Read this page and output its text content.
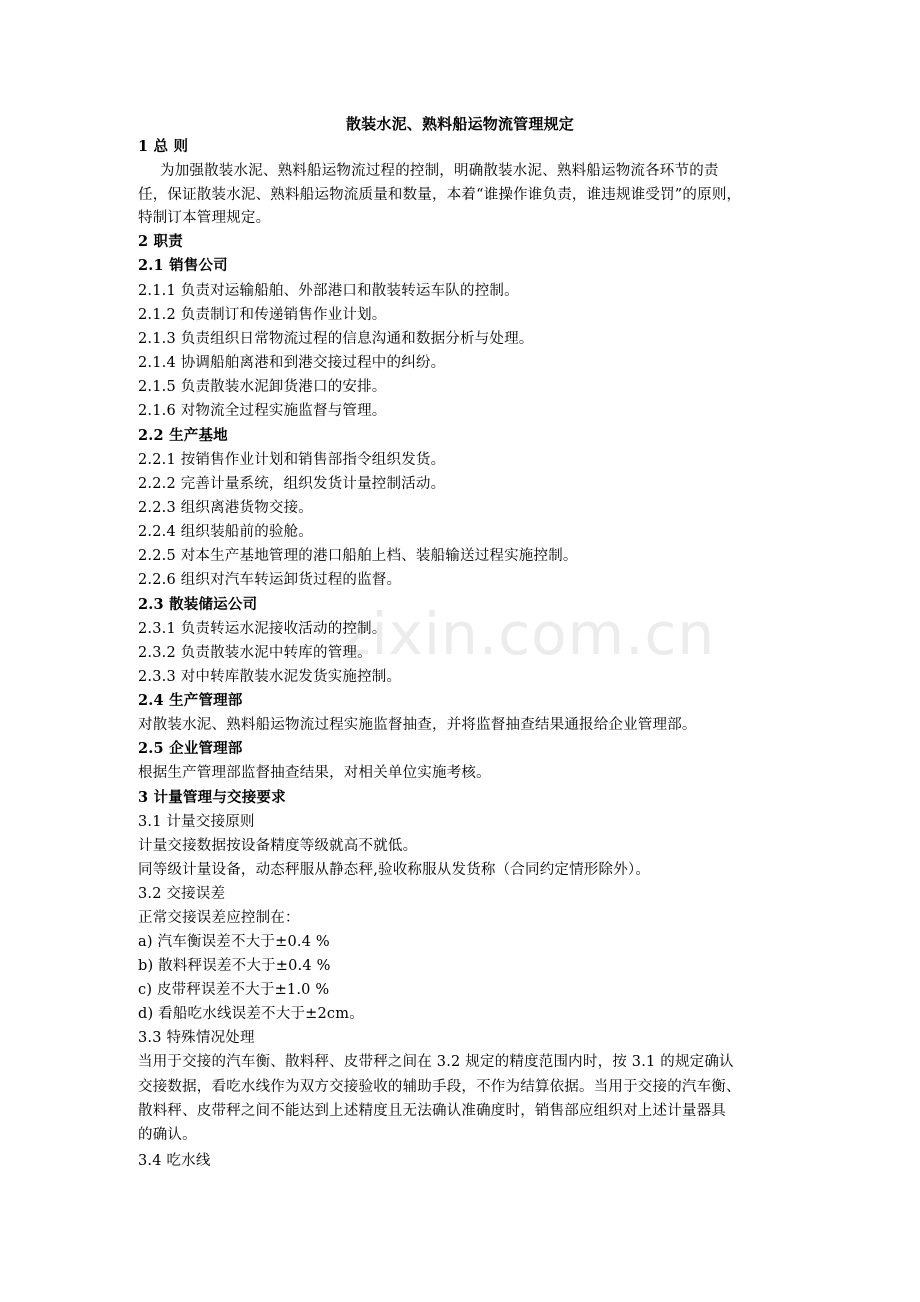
zixin.com.cn
散装水泥、熟料船运物流管理规定
1 总 则
为加强散装水泥、熟料船运物流过程的控制，明确散装水泥、熟料船运物流各环节的责
任，保证散装水泥、熟料船运物流质量和数量，本着“谁操作谁负责，谁违规谁受罚”的原则，
特制订本管理规定。
2 职责
2.1 销售公司
2.1.1 负责对运输船舶、外部港口和散装转运车队的控制。
2.1.2 负责制订和传递销售作业计划。
2.1.3 负责组织日常物流过程的信息沟通和数据分析与处理。
2.1.4 协调船舶离港和到港交接过程中的纠纷。
2.1.5 负责散装水泥卸货港口的安排。
2.1.6 对物流全过程实施监督与管理。
2.2 生产基地
2.2.1 按销售作业计划和销售部指令组织发货。
2.2.2 完善计量系统，组织发货计量控制活动。
2.2.3 组织离港货物交接。
2.2.4 组织装船前的验舱。
2.2.5 对本生产基地管理的港口船舶上档、装船输送过程实施控制。
2.2.6 组织对汽车转运卸货过程的监督。
2.3 散装储运公司
2.3.1 负责转运水泥接收活动的控制。
2.3.2 负责散装水泥中转库的管理。
2.3.3 对中转库散装水泥发货实施控制。
2.4 生产管理部
对散装水泥、熟料船运物流过程实施监督抽查，并将监督抽查结果通报给企业管理部。
2.5 企业管理部
根据生产管理部监督抽查结果，对相关单位实施考核。
3 计量管理与交接要求
3.1 计量交接原则
计量交接数据按设备精度等级就高不就低。
同等级计量设备，动态秤服从静态秤,验收称服从发货称（合同约定情形除外）。
3.2 交接误差
正常交接误差应控制在：
a) 汽车衡误差不大于±0.4 %
b) 散料秤误差不大于±0.4 %
c) 皮带秤误差不大于±1.0 %
d) 看船吃水线误差不大于±2cm。
3.3 特殊情况处理
当用于交接的汽车衡、散料秤、皮带秤之间在 3.2 规定的精度范围内时，按 3.1 的规定确认
交接数据，看吃水线作为双方交接验收的辅助手段，不作为结算依据。当用于交接的汽车衡、
散料秤、皮带秤之间不能达到上述精度且无法确认准确度时，销售部应组织对上述计量器具
的确认。
3.4 吃水线
